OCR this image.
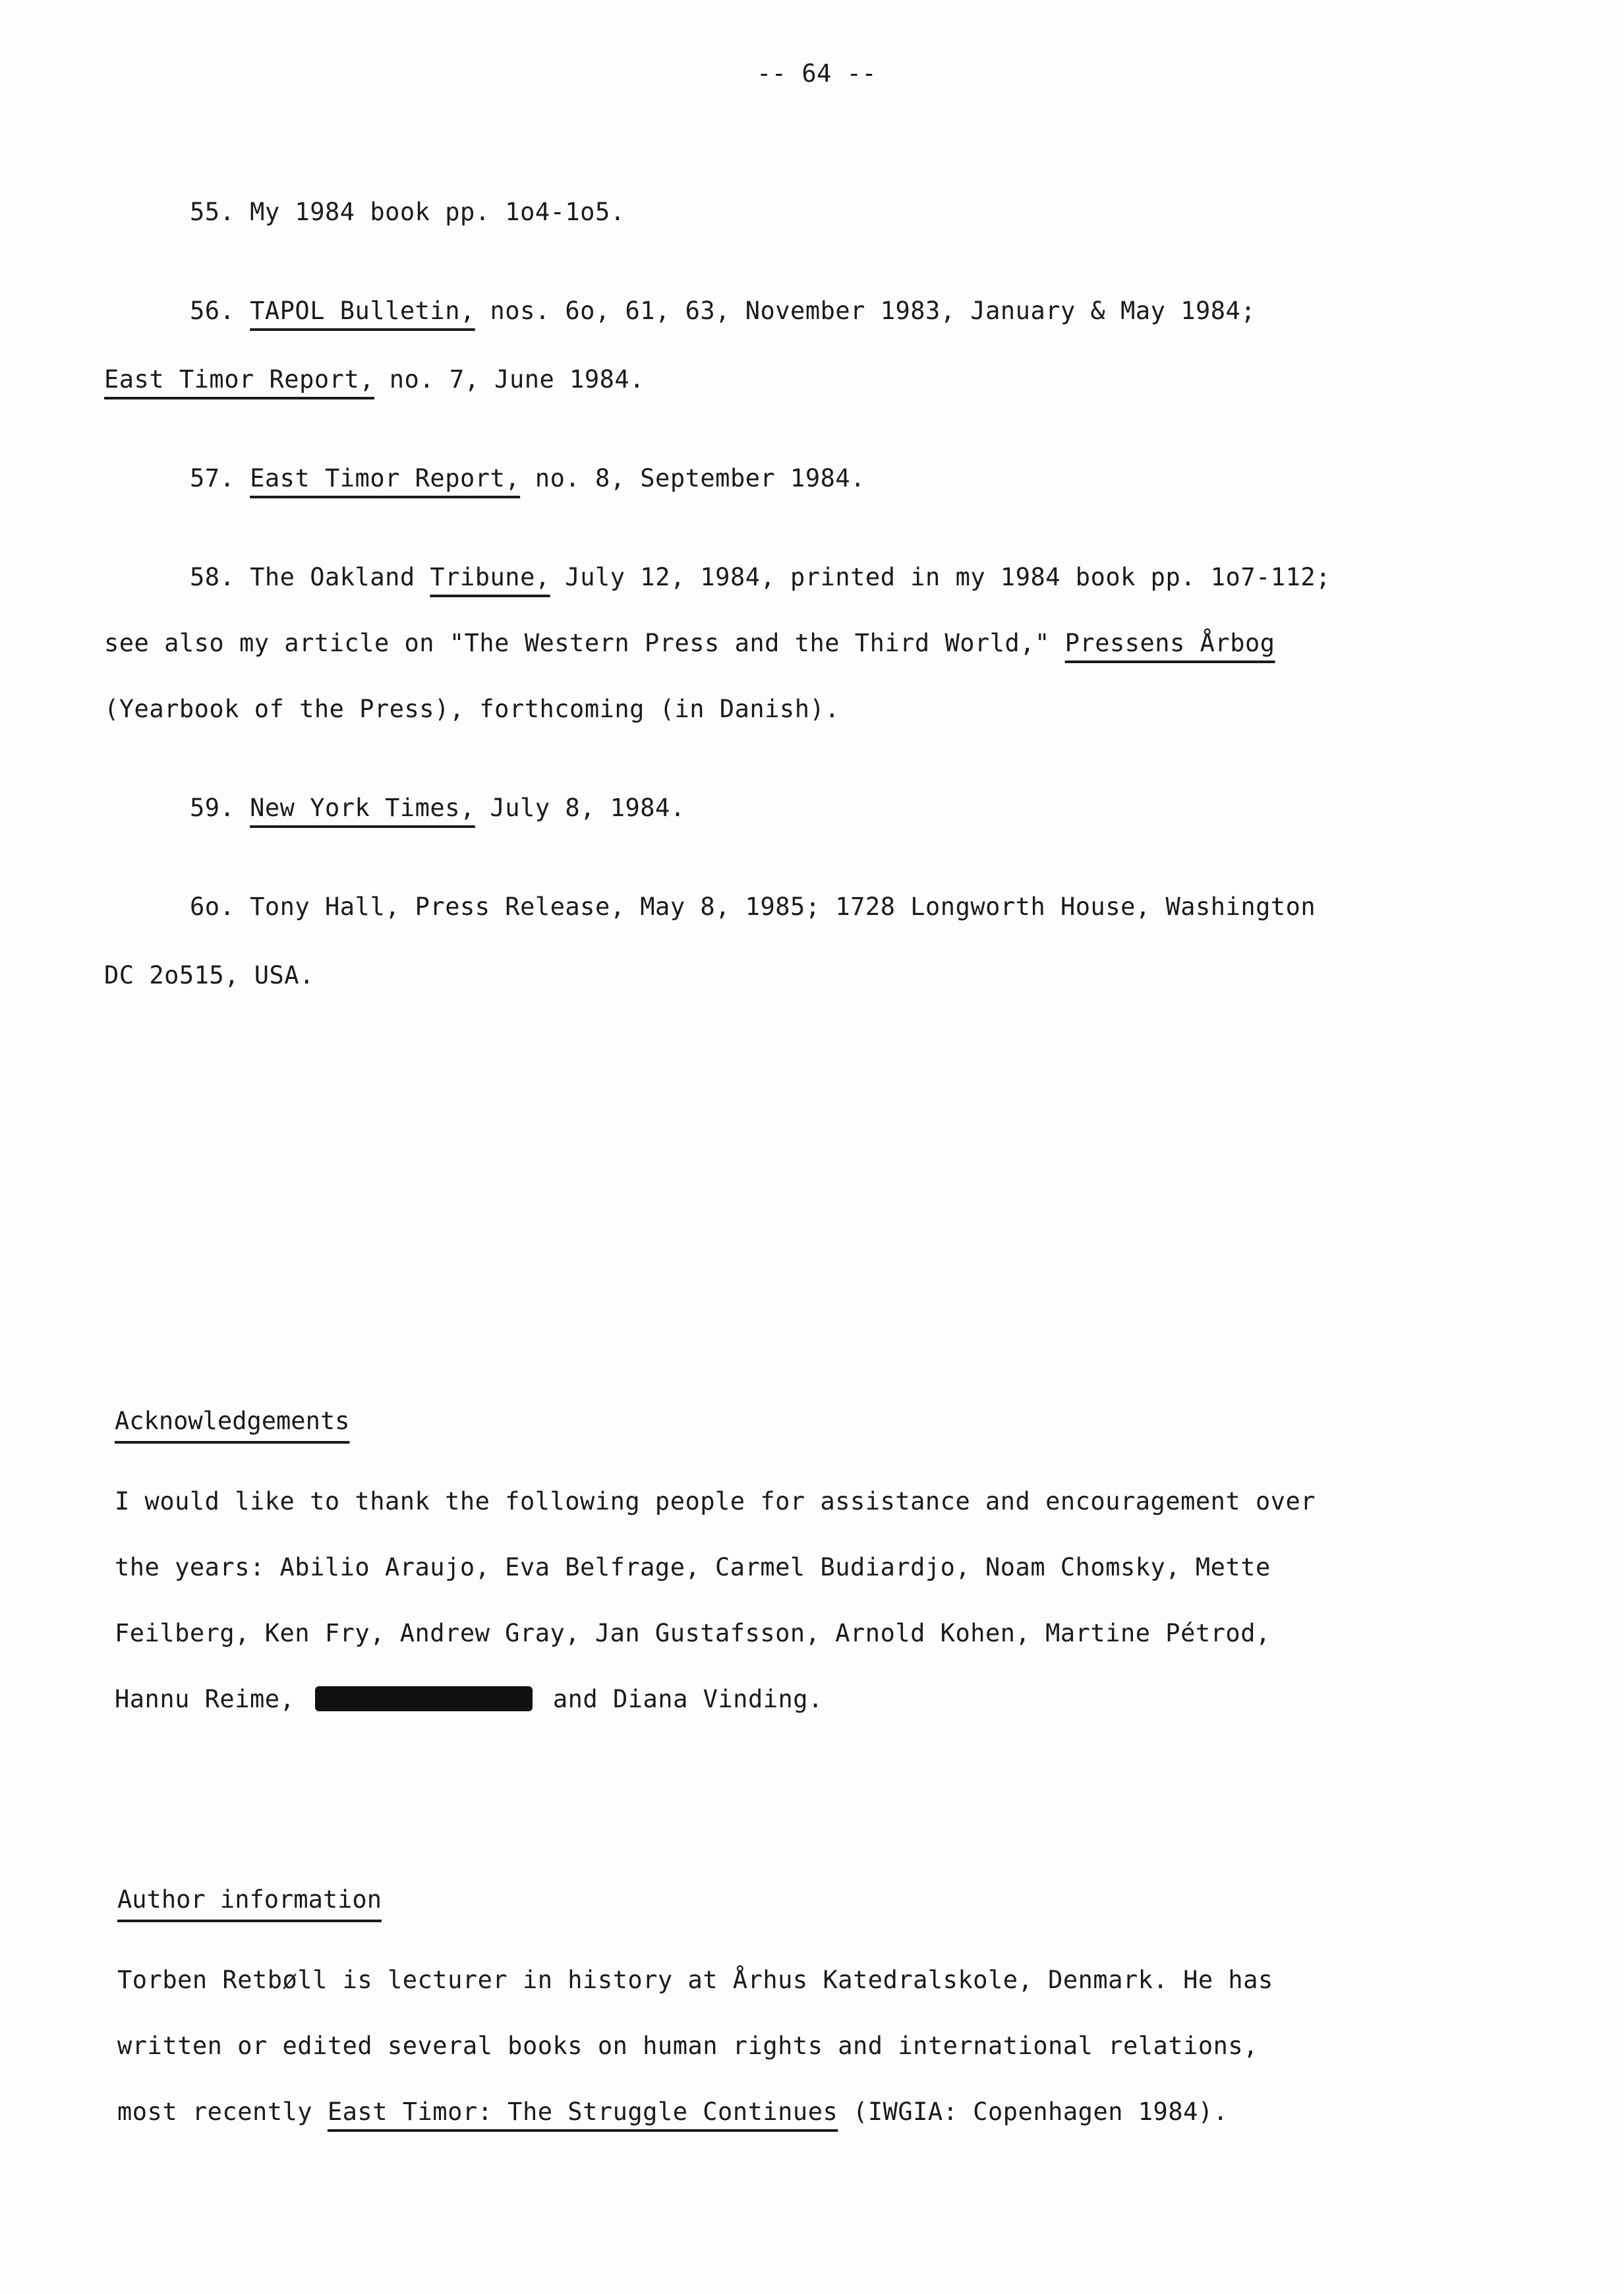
-- 64 --
55. My 1984 book pp. 1o4-1o5.
56. TAPOL Bulletin, nos. 6o, 61, 63, November 1983, January & May 1984;
East Timor Report, no. 7, June 1984.
57. East Timor Report, no. 8, September 1984.
58. The Oakland Tribune, July 12, 1984, printed in my 1984 book pp. 1o7-112;
see also my article on "The Western Press and the Third World," Pressens Årbog
(Yearbook of the Press), forthcoming (in Danish).
59. New York Times, July 8, 1984.
6o. Tony Hall, Press Release, May 8, 1985; 1728 Longworth House, Washington
DC 2o515, USA.
Acknowledgements
I would like to thank the following people for assistance and encouragement over
the years: Abilio Araujo, Eva Belfrage, Carmel Budiardjo, Noam Chomsky, Mette
Feilberg, Ken Fry, Andrew Gray, Jan Gustafsson, Arnold Kohen, Martine Pétrod,
Hannu Reime,	and Diana Vinding.
Author information
Torben Retbøll is lecturer in history at Århus Katedralskole, Denmark. He has
written or edited several books on human rights and international relations,
most recently East Timor: The Struggle Continues (IWGIA: Copenhagen 1984).
